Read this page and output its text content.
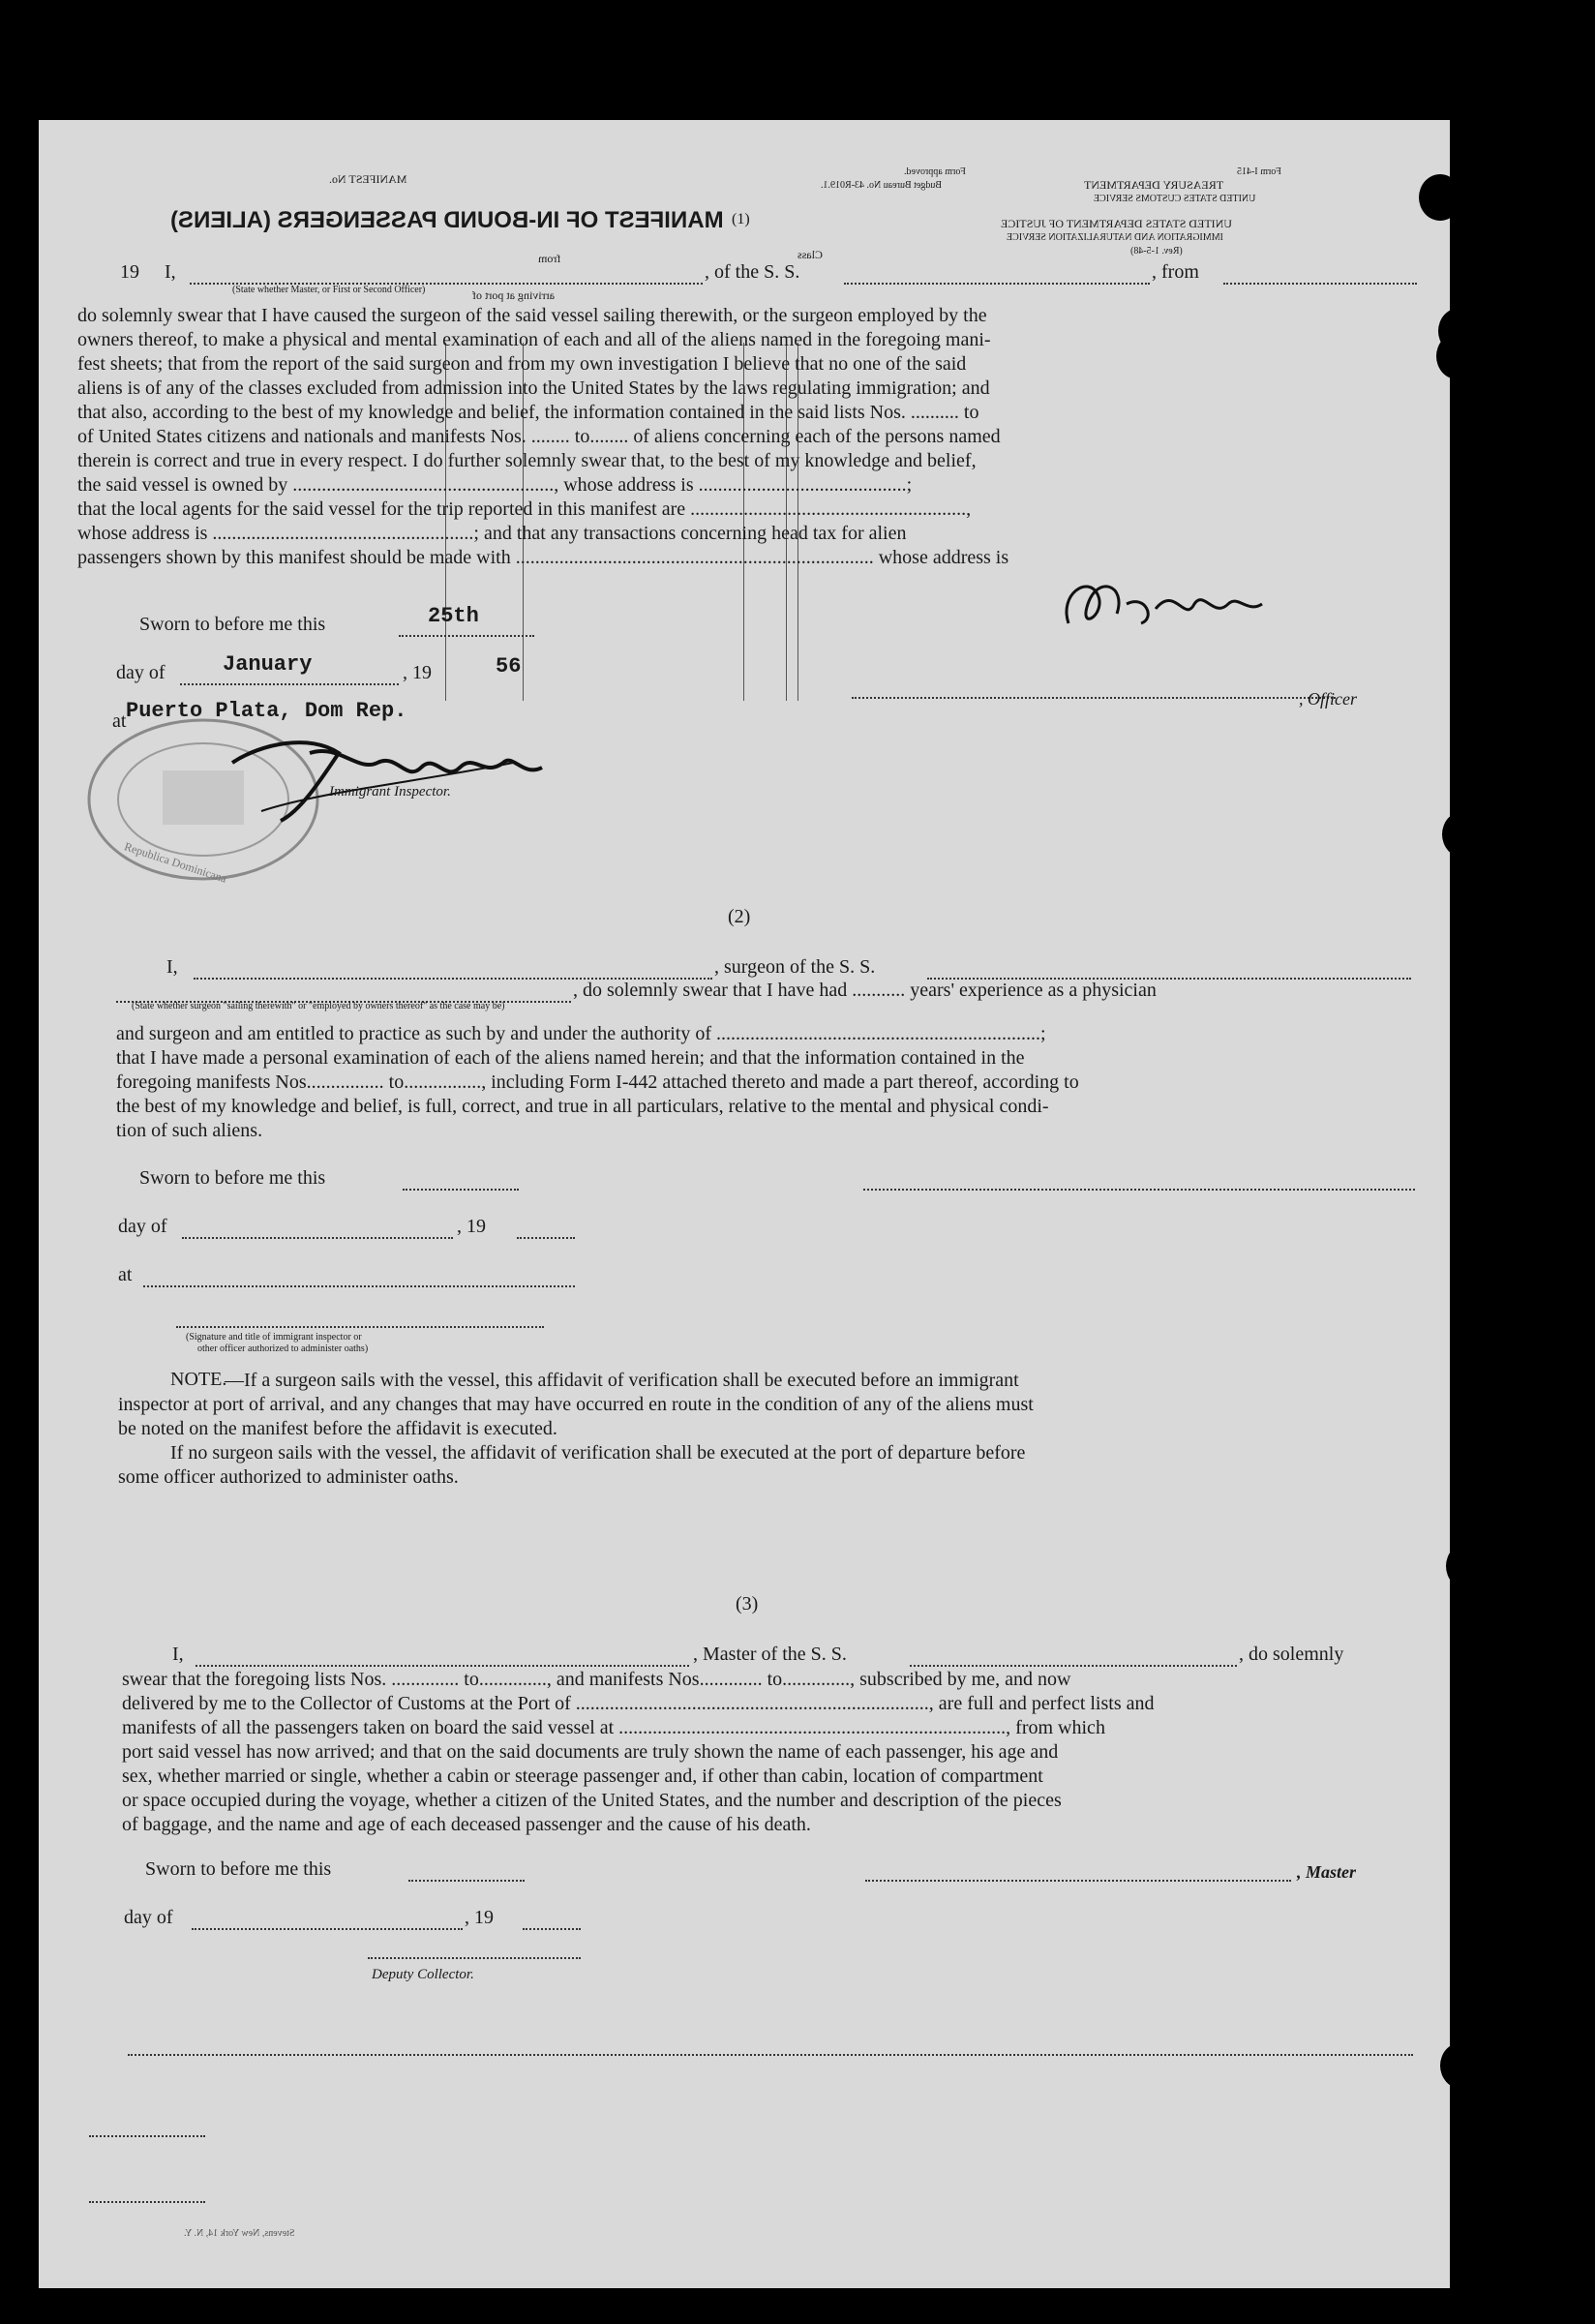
MANIFEST No.
MANIFEST OF IN-BOUND PASSENGERS (ALIENS) (1)
Form approved.
Budget Bureau No. 43-R019.1.
Form I-415
TREASURY DEPARTMENT
UNITED STATES CUSTOMS SERVICE
UNITED STATES DEPARTMENT OF JUSTICE
IMMIGRATION AND NATURALIZATION SERVICE
(Rev. 1-5-48)
arriving at port of
from	Class
19 I,	, of the S. S.	, from
(State whether Master, or First or Second Officer)
do solemnly swear that I have caused the surgeon of the said vessel sailing therewith, or the surgeon employed by the
owners thereof, to make a physical and mental examination of each and all of the aliens named in the foregoing mani-
fest sheets; that from the report of the said surgeon and from my own investigation I believe that no one of the said
aliens is of any of the classes excluded from admission into the United States by the laws regulating immigration; and
that also, according to the best of my knowledge and belief, the information contained in the said lists Nos. .......... to
of United States citizens and nationals and manifests Nos. ........ to........ of aliens concerning each of the persons named
therein is correct and true in every respect. I do further solemnly swear that, to the best of my knowledge and belief,
the said vessel is owned by ......................................................, whose address is ...........................................;
that the local agents for the said vessel for the trip reported in this manifest are .........................................................,
whose address is ......................................................; and that any transactions concerning head tax for alien
passengers shown by this manifest should be made with .......................................................................... whose address is
Sworn to before me this	25th
day of	January	, 19	56
at Puerto Plata, Dom Rep.	, Officer
Republica Dominicana
Immigrant Inspector.
(2)
I,	, surgeon of the S. S.
, do solemnly swear that I have had ........... years' experience as a physician
(State whether surgeon "sailing therewith" or "employed by owners thereof" as the case may be)
and surgeon and am entitled to practice as such by and under the authority of ...................................................................;
that I have made a personal examination of each of the aliens named herein; and that the information contained in the
foregoing manifests Nos................ to................, including Form I-442 attached thereto and made a part thereof, according to
the best of my knowledge and belief, is full, correct, and true in all particulars, relative to the mental and physical condi-
tion of such aliens.
Sworn to before me this
day of	, 19
at
(Signature and title of immigrant inspector or
other officer authorized to administer oaths)
NOTE.
—If a surgeon sails with the vessel, this affidavit of verification shall be executed before an immigrant
inspector at port of arrival, and any changes that may have occurred en route in the condition of any of the aliens must
be noted on the manifest before the affidavit is executed.
If no surgeon sails with the vessel, the affidavit of verification shall be executed at the port of departure before
some officer authorized to administer oaths.
(3)
I,	, Master of the S. S.	, do solemnly
swear that the foregoing lists Nos. .............. to.............., and manifests Nos............. to.............., subscribed by me, and now
delivered by me to the Collector of Customs at the Port of ........................................................................., are full and perfect lists and
manifests of all the passengers taken on board the said vessel at ................................................................................, from which
port said vessel has now arrived; and that on the said documents are truly shown the name of each passenger, his age and
sex, whether married or single, whether a cabin or steerage passenger and, if other than cabin, location of compartment
or space occupied during the voyage, whether a citizen of the United States, and the number and description of the pieces
of baggage, and the name and age of each deceased passenger and the cause of his death.
Sworn to before me this	, Master
day of	, 19
Deputy Collector.
Stevens, New York 14, N. Y.
